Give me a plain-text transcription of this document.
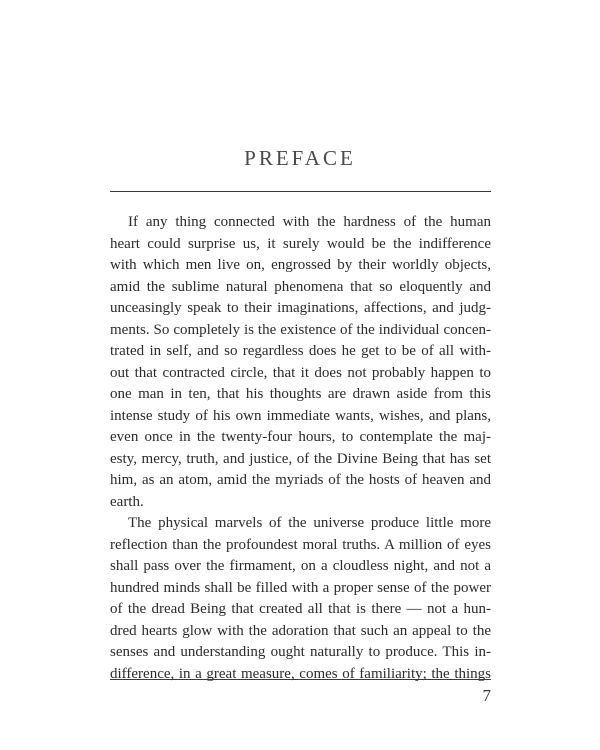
PREFACE
If any thing connected with the hardness of the human
heart could surprise us, it surely would be the indifference
with which men live on, engrossed by their worldly objects,
amid the sublime natural phenomena that so eloquently and
unceasingly speak to their imaginations, affections, and judg-
ments. So completely is the existence of the individual concen-
trated in self, and so regardless does he get to be of all with-
out that contracted circle, that it does not probably happen to
one man in ten, that his thoughts are drawn aside from this
intense study of his own immediate wants, wishes, and plans,
even once in the twenty-four hours, to contemplate the maj-
esty, mercy, truth, and justice, of the Divine Being that has set
him, as an atom, amid the myriads of the hosts of heaven and
earth.
The physical marvels of the universe produce little more
reflection than the profoundest moral truths. A million of eyes
shall pass over the firmament, on a cloudless night, and not a
hundred minds shall be filled with a proper sense of the power
of the dread Being that created all that is there — not a hun-
dred hearts glow with the adoration that such an appeal to the
senses and understanding ought naturally to produce. This in-
difference, in a great measure, comes of familiarity; the things
7
